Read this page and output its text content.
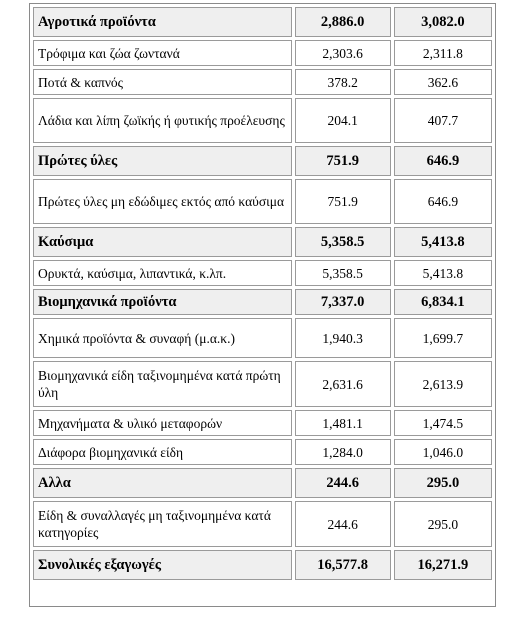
Αγροτικά προϊόντα	2,886.0	3,082.0
Τρόφιμα και ζώα ζωντανά	2,303.6	2,311.8
Ποτά & καπνός	378.2	362.6
Λάδια και λίπη ζωϊκής ή φυτικής προέλευσης	204.1	407.7
Πρώτες ύλες	751.9	646.9
Πρώτες ύλες μη εδώδιμες εκτός από καύσιμα	751.9	646.9
Καύσιμα	5,358.5	5,413.8
Ορυκτά, καύσιμα, λιπαντικά, κ.λπ.	5,358.5	5,413.8
Βιομηχανικά προϊόντα	7,337.0	6,834.1
Χημικά προϊόντα & συναφή (μ.α.κ.)	1,940.3	1,699.7
Βιομηχανικά είδη ταξινομημένα κατά πρώτη ύλη	2,631.6	2,613.9
Μηχανήματα & υλικό μεταφορών	1,481.1	1,474.5
Διάφορα βιομηχανικά είδη	1,284.0	1,046.0
Αλλα	244.6	295.0
Είδη & συναλλαγές μη ταξινομημένα κατά κατηγορίες	244.6	295.0
Συνολικές εξαγωγές	16,577.8	16,271.9
